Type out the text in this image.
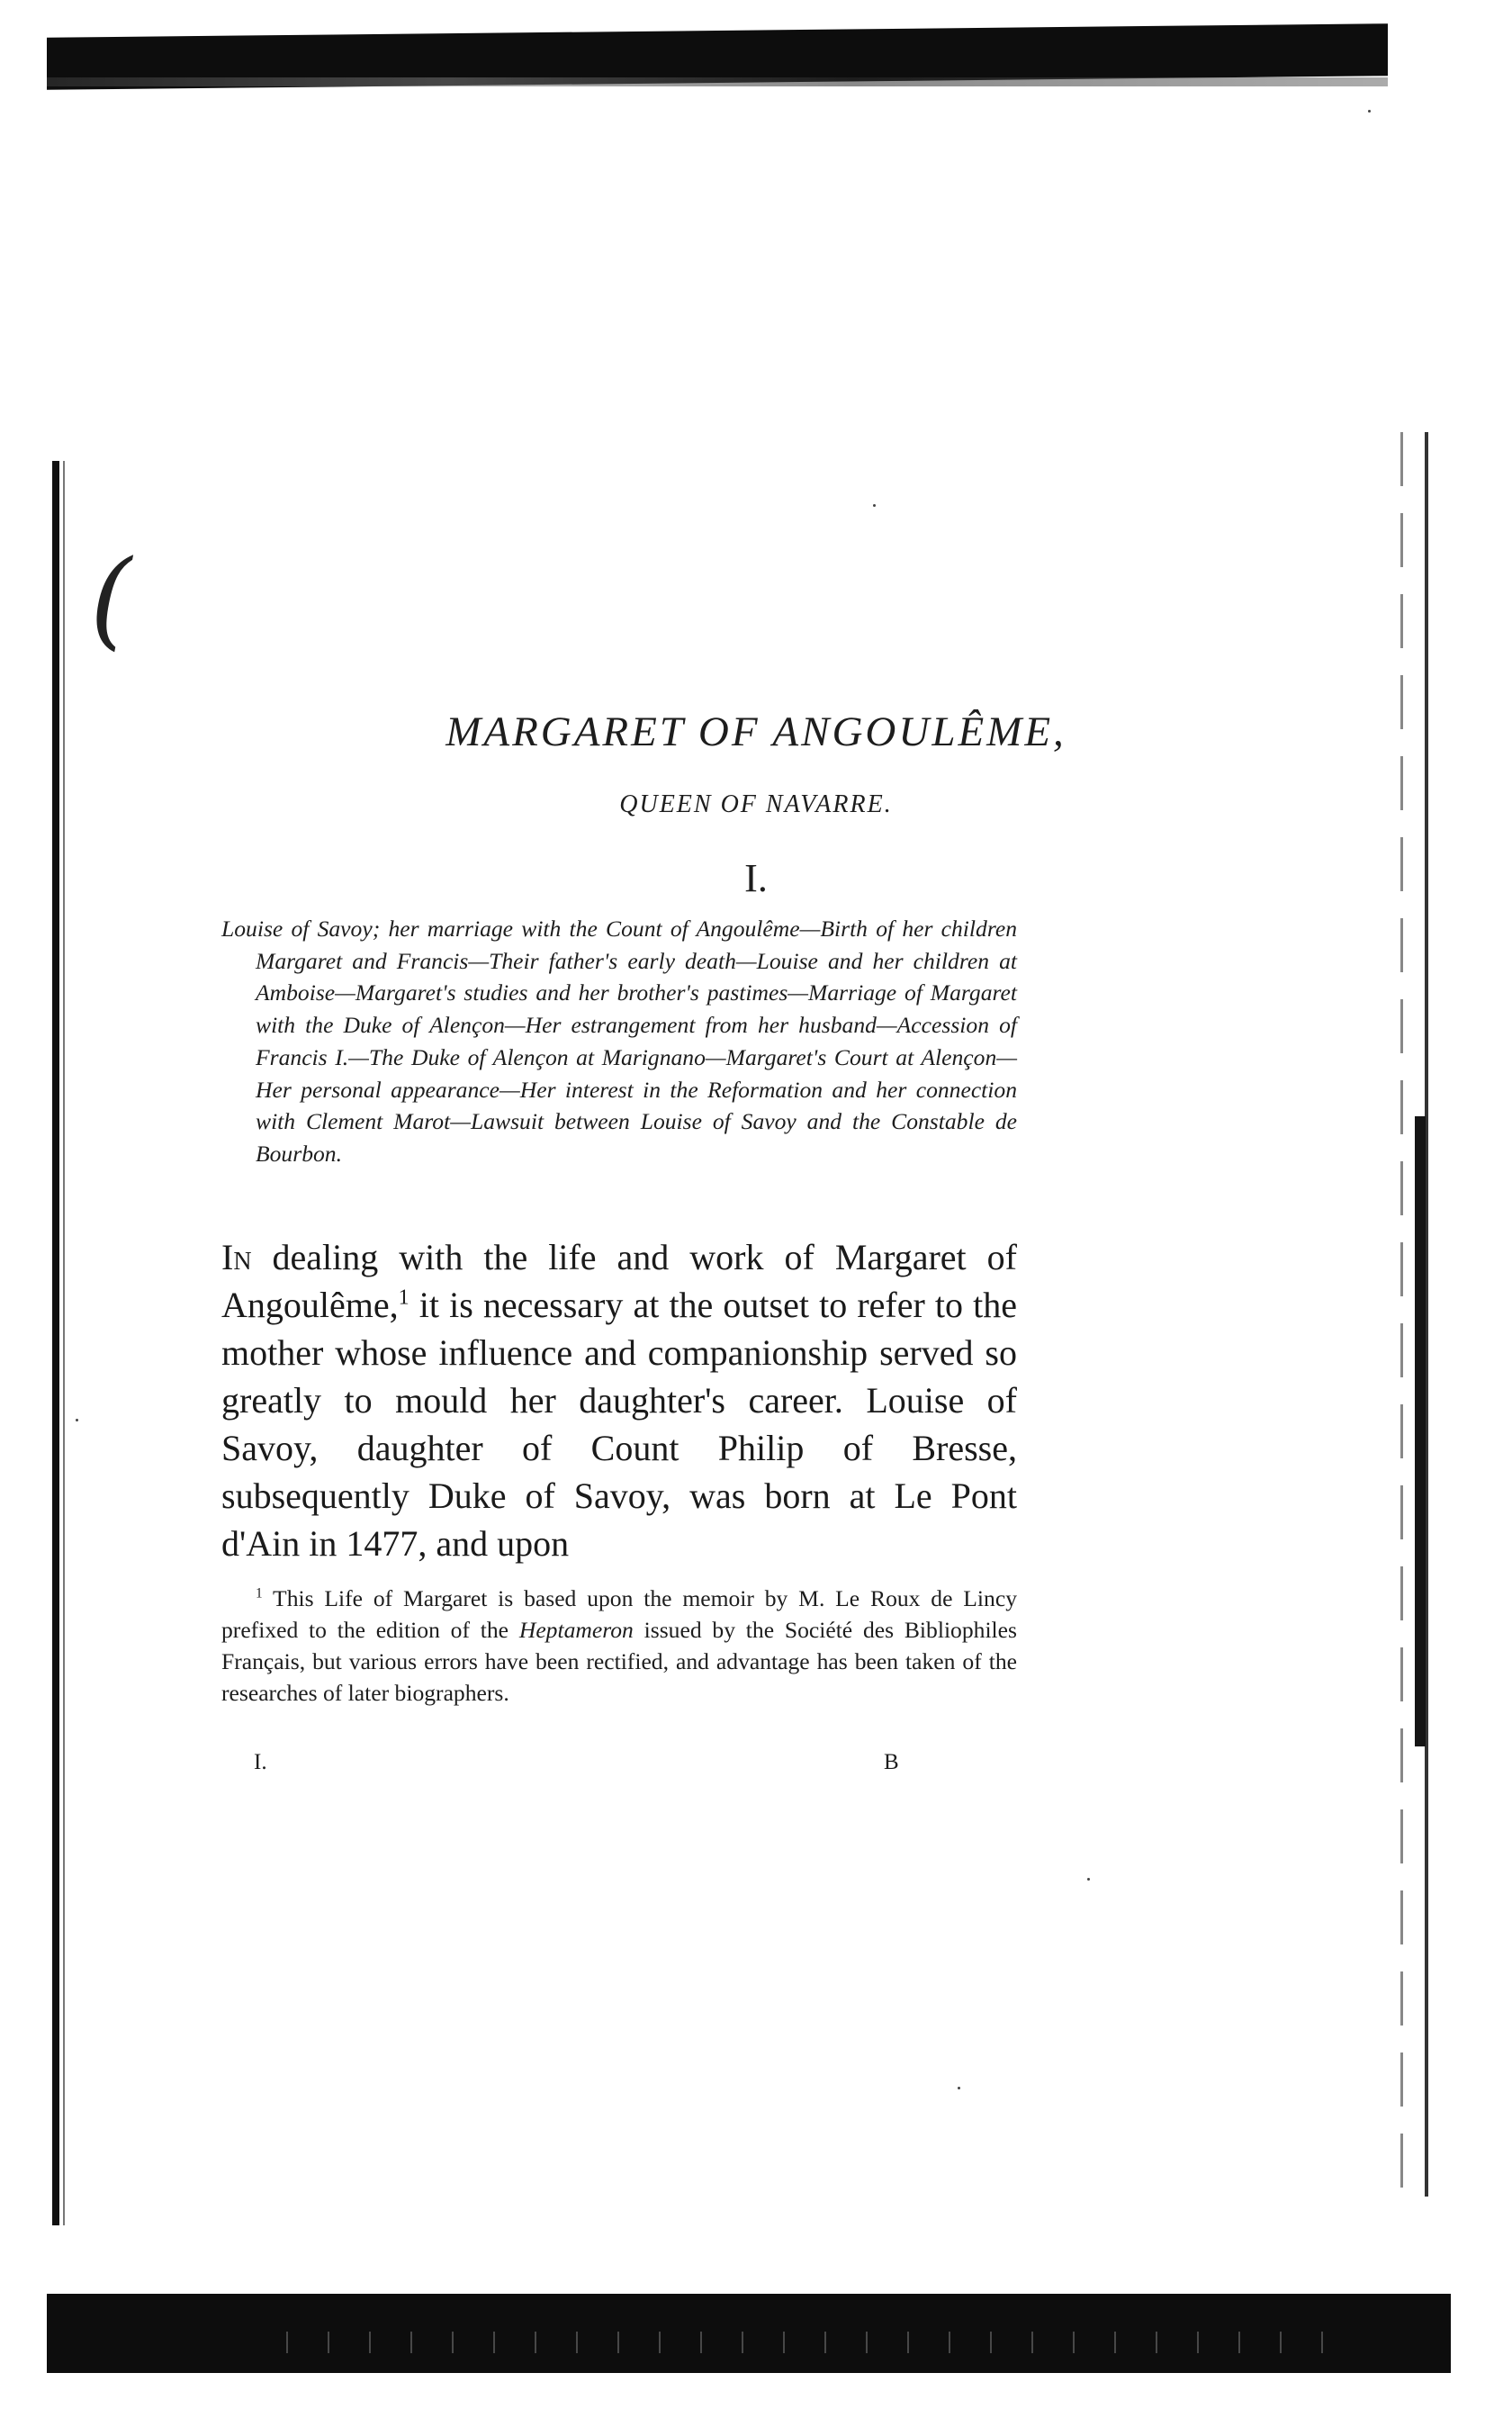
(
MARGARET OF ANGOULÊME,
QUEEN OF NAVARRE.
I.
Louise of Savoy; her marriage with the Count of Angoulême—Birth of her children Margaret and Francis—Their father's early death—Louise and her children at Amboise—Margaret's studies and her brother's pastimes—Marriage of Margaret with the Duke of Alençon—Her estrangement from her husband—Accession of Francis I.—The Duke of Alençon at Marignano—Margaret's Court at Alençon—Her personal appearance—Her interest in the Reformation and her connection with Clement Marot—Lawsuit between Louise of Savoy and the Constable de Bourbon.
In dealing with the life and work of Margaret of Angoulême,$^1$ it is necessary at the outset to refer to the mother whose influence and companionship served so greatly to mould her daughter's career. Louise of Savoy, daughter of Count Philip of Bresse, subsequently Duke of Savoy, was born at Le Pont d'Ain in 1477, and upon
$^1$ This Life of Margaret is based upon the memoir by M. Le Roux de Lincy prefixed to the edition of the Heptameron issued by the Société des Bibliophiles Français, but various errors have been rectified, and advantage has been taken of the researches of later biographers.
I.	B
